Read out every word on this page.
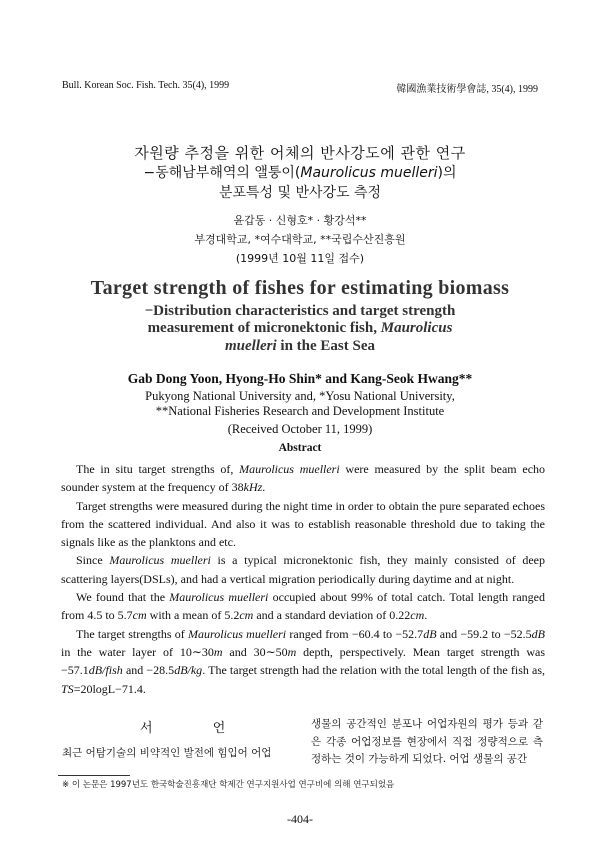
Bull. Korean Soc. Fish. Tech. 35(4), 1999	韓國漁業技術學會誌, 35(4), 1999
자원량 추정을 위한 어체의 반사강도에 관한 연구
−동해남부해역의 앨퉁이(Maurolicus muelleri)의
분포특성 및 반사강도 측정
윤갑동 · 신형호* · 황강석**
부경대학교, *여수대학교, **국립수산진흥원
(1999년 10월 11일 접수)
Target strength of fishes for estimating biomass
−Distribution characteristics and target strength
measurement of micronektonic fish, Maurolicus
muelleri in the East Sea
Gab Dong Yoon, Hyong-Ho Shin* and Kang-Seok Hwang**
Pukyong National University and, *Yosu National University,
**National Fisheries Research and Development Institute
(Received October 11, 1999)
Abstract

The in situ target strengths of, Maurolicus muelleri were measured by the split beam echo sounder system at the frequency of 38kHz.

Target strengths were measured during the night time in order to obtain the pure separated echoes from the scattered individual. And also it was to establish reasonable threshold due to taking the signals like as the planktons and etc.

Since Maurolicus muelleri is a typical micronektonic fish, they mainly consisted of deep scattering layers(DSLs), and had a vertical migration periodically during daytime and at night.

We found that the Maurolicus muelleri occupied about 99% of total catch. Total length ranged from 4.5 to 5.7cm with a mean of 5.2cm and a standard deviation of 0.22cm.

The target strengths of Maurolicus muelleri ranged from −60.4 to −52.7dB and −59.2 to −52.5dB in the water layer of 10∼30m and 30∼50m depth, perspectively. Mean target strength was −57.1dB/fish and −28.5dB/kg. The target strength had the relation with the total length of the fish as, TS=20logL−71.4.

서 언
최근 어탐기술의 비약적인 발전에 힘입어 어업
생물의 공간적인 분포나 어업자원의 평가 등과 같은 각종 어업정보를 현장에서 직접 정량적으로 측정하는 것이 가능하게 되었다. 어업 생물의 공간
※ 이 논문은 1997년도 한국학술진흥재단 학제간 연구지원사업 연구비에 의해 연구되었음
-404-
